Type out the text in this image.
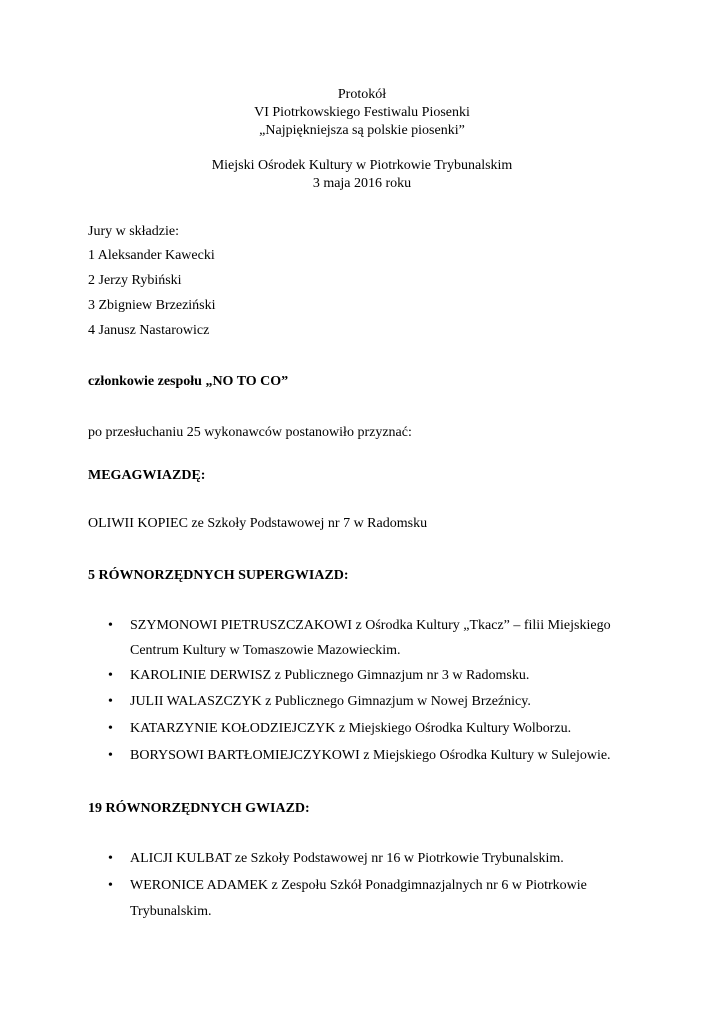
Protokół
VI Piotrkowskiego Festiwalu Piosenki
„Najpiękniejsza są polskie piosenki”
Miejski Ośrodek Kultury w Piotrkowie Trybunalskim
3 maja 2016 roku
Jury w składzie:
1 Aleksander Kawecki
2 Jerzy Rybiński
3 Zbigniew Brzeziński
4 Janusz Nastarowicz
członkowie zespołu „NO TO CO”
po przesłuchaniu 25 wykonawców postanowiło przyznać:
MEGAGWIAZDĘ:
OLIWII KOPIEC ze Szkoły Podstawowej nr 7 w Radomsku
5 RÓWNORZĘDNYCH SUPERGWIAZD:
• SZYMONOWI PIETRUSZCZAKOWI z Ośrodka Kultury „Tkacz” – filii Miejskiego
Centrum Kultury w Tomaszowie Mazowieckim.
• KAROLINIE DERWISZ z Publicznego Gimnazjum nr 3 w Radomsku.
• JULII WALASZCZYK z Publicznego Gimnazjum w Nowej Brzeźnicy.
• KATARZYNIE KOŁODZIEJCZYK z Miejskiego Ośrodka Kultury Wolborzu.
• BORYSOWI BARTŁOMIEJCZYKOWI z Miejskiego Ośrodka Kultury w Sulejowie.
19 RÓWNORZĘDNYCH GWIAZD:
• ALICJI KULBAT ze Szkoły Podstawowej nr 16 w Piotrkowie Trybunalskim.
• WERONICE ADAMEK z Zespołu Szkół Ponadgimnazjalnych nr 6 w Piotrkowie
Trybunalskim.
